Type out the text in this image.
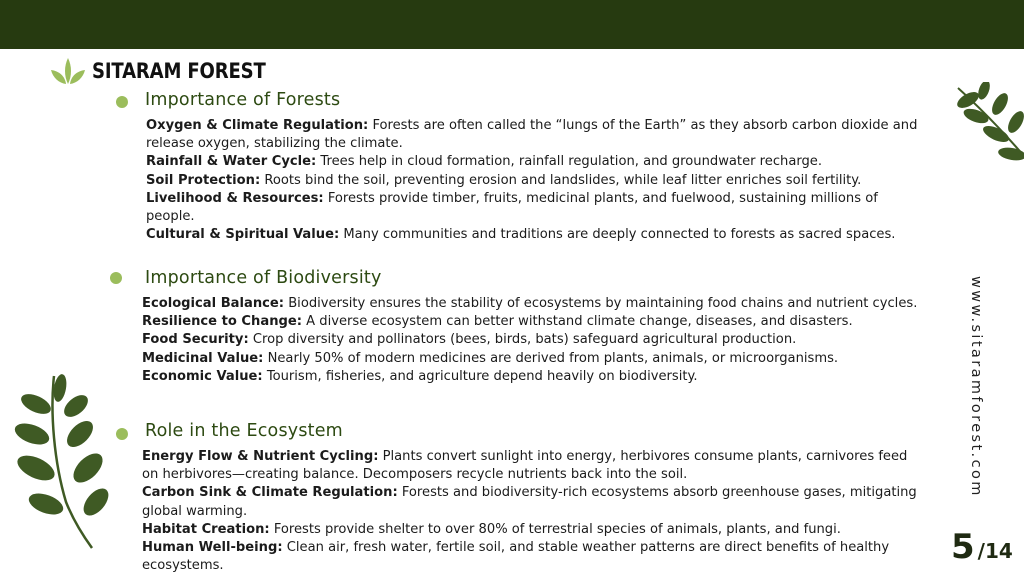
SITARAM FOREST
Importance of Forests

Oxygen & Climate Regulation: Forests are often called the “lungs of the Earth” as they absorb carbon dioxide and release oxygen, stabilizing the climate.

Rainfall & Water Cycle: Trees help in cloud formation, rainfall regulation, and groundwater recharge.

Soil Protection: Roots bind the soil, preventing erosion and landslides, while leaf litter enriches soil fertility.

Livelihood & Resources: Forests provide timber, fruits, medicinal plants, and fuelwood, sustaining millions of people.

Cultural & Spiritual Value: Many communities and traditions are deeply connected to forests as sacred spaces.

Importance of Biodiversity

Ecological Balance: Biodiversity ensures the stability of ecosystems by maintaining food chains and nutrient cycles.

Resilience to Change: A diverse ecosystem can better withstand climate change, diseases, and disasters.

Food Security: Crop diversity and pollinators (bees, birds, bats) safeguard agricultural production.

Medicinal Value: Nearly 50% of modern medicines are derived from plants, animals, or microorganisms.

Economic Value: Tourism, fisheries, and agriculture depend heavily on biodiversity.

Role in the Ecosystem

Energy Flow & Nutrient Cycling: Plants convert sunlight into energy, herbivores consume plants, carnivores feed on herbivores—creating balance. Decomposers recycle nutrients back into the soil.

Carbon Sink & Climate Regulation: Forests and biodiversity-rich ecosystems absorb greenhouse gases, mitigating global warming.

Habitat Creation: Forests provide shelter to over 80% of terrestrial species of animals, plants, and fungi.

Human Well-being: Clean air, fresh water, fertile soil, and stable weather patterns are direct benefits of healthy ecosystems.

www.sitaramforest.com
5 /14
